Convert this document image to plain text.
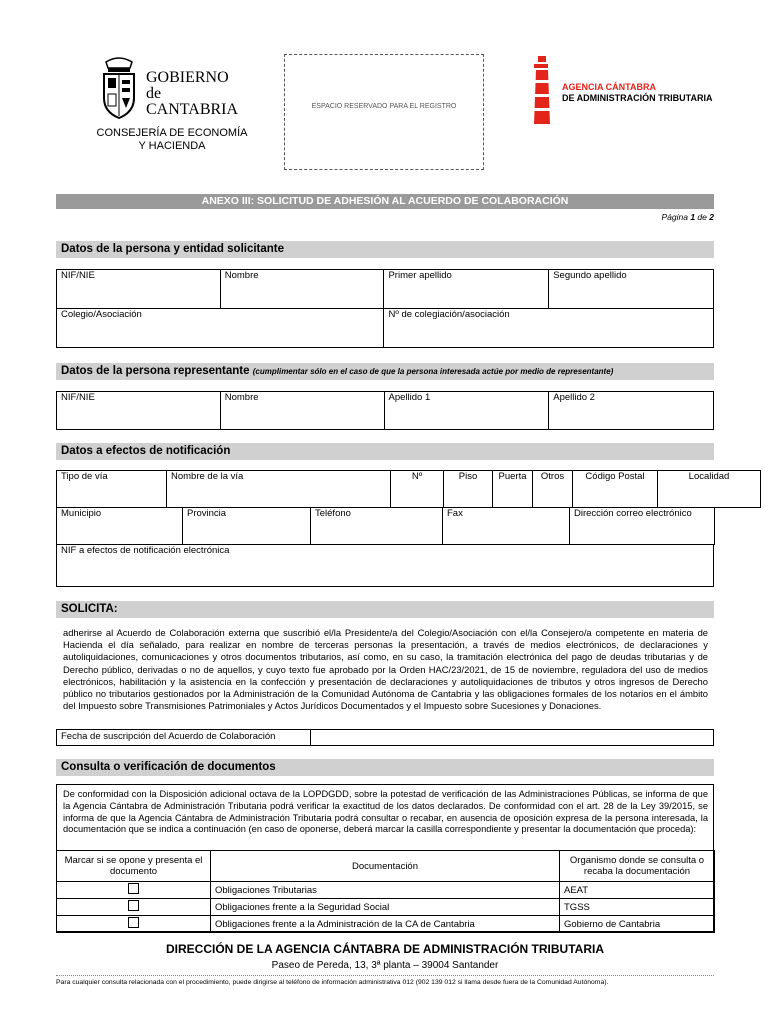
GOBIERNO
de
CANTABRIA
CONSEJERÍA DE ECONOMÍA
Y HACIENDA
ESPACIO RESERVADO PARA EL REGISTRO
AGENCIA CÁNTABRA
DE ADMINISTRACIÓN TRIBUTARIA
ANEXO III: SOLICITUD DE ADHESIÓN AL ACUERDO DE COLABORACIÓN
Página 1 de 2
Datos de la persona y entidad solicitante
NIF/NIE	Nombre	Primer apellido	Segundo apellido
Colegio/Asociación		Nº de colegiación/asociación	
Datos de la persona representante (cumplimentar sólo en el caso de que la persona interesada actúe por medio de representante)
NIF/NIE	Nombre	Apellido 1	Apellido 2
Datos a efectos de notificación
Tipo de vía	Nombre de la vía	Nº	Piso	Puerta	Otros	Código Postal	Localidad
Municipio	Provincia	Teléfono	Fax	Dirección correo electrónico
NIF a efectos de notificación electrónica
SOLICITA:
adherirse al Acuerdo de Colaboración externa que suscribió el/la Presidente/a del Colegio/Asociación con el/la Consejero/a competente en materia de Hacienda el día señalado, para realizar en nombre de terceras personas la presentación, a través de medios electrónicos, de declaraciones y autoliquidaciones, comunicaciones y otros documentos tributarios, así como, en su caso, la tramitación electrónica del pago de deudas tributarias y de Derecho público, derivadas o no de aquellos, y cuyo texto fue aprobado por la Orden HAC/23/2021, de 15 de noviembre, reguladora del uso de medios electrónicos, habilitación y la asistencia en la confección y presentación de declaraciones y autoliquidaciones de tributos y otros ingresos de Derecho público no tributarios gestionados por la Administración de la Comunidad Autónoma de Cantabria y las obligaciones formales de los notarios en el ámbito del Impuesto sobre Transmisiones Patrimoniales y Actos Jurídicos Documentados y el Impuesto sobre Sucesiones y Donaciones.
Fecha de suscripción del Acuerdo de Colaboración	
Consulta o verificación de documentos
De conformidad con la Disposición adicional octava de la LOPDGDD, sobre la potestad de verificación de las Administraciones Públicas, se informa de que la Agencia Cántabra de Administración Tributaria podrá verificar la exactitud de los datos declarados. De conformidad con el art. 28 de la Ley 39/2015, se informa de que la Agencia Cántabra de Administración Tributaria podrá consultar o recabar, en ausencia de oposición expresa de la persona interesada, la documentación que se indica a continuación (en caso de oponerse, deberá marcar la casilla correspondiente y presentar la documentación que proceda):
Marcar si se opone y presenta el documento	Documentación	Organismo donde se consulta o recaba la documentación
	Obligaciones Tributarias	AEAT
	Obligaciones frente a la Seguridad Social	TGSS
	Obligaciones frente a la Administración de la CA de Cantabria	Gobierno de Cantabria
DIRECCIÓN DE LA AGENCIA CÁNTABRA DE ADMINISTRACIÓN TRIBUTARIA
Paseo de Pereda, 13, 3ª planta – 39004 Santander
Para cualquier consulta relacionada con el procedimiento, puede dirigirse al teléfono de información administrativa 012 (902 139 012 si llama desde fuera de la Comunidad Autónoma).
